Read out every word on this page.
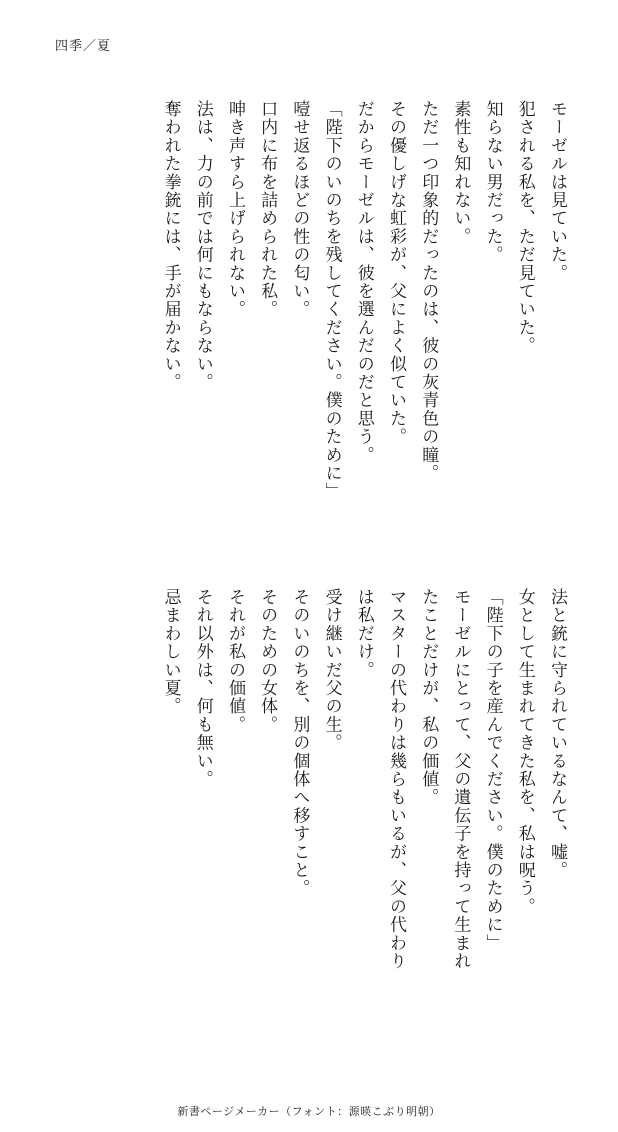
四季／夏
モーゼルは見ていた。
犯される私を、ただ見ていた。
知らない男だった。
素性も知れない。
ただ一つ印象的だったのは、彼の灰青色の瞳。
その優しげな虹彩が、父によく似ていた。
だからモーゼルは、彼を選んだのだと思う。
「陛下のいのちを残してください。僕のために」
噎せ返るほどの性の匂い。
口内に布を詰められた私。
呻き声すら上げられない。
法は、力の前では何にもならない。
奪われた拳銃には、手が届かない。
法と銃に守られているなんて、嘘。
女として生まれてきた私を、私は呪う。
「陛下の子を産んでください。僕のために」
モーゼルにとって、父の遺伝子を持って生まれ
たことだけが、私の価値。
マスターの代わりは幾らもいるが、父の代わり
は私だけ。
受け継いだ父の生。
そのいのちを、別の個体へ移すこと。
そのための女体。
それが私の価値。
それ以外は、何も無い。
忌まわしい夏。
新書ページメーカー（フォント：源暎こぶり明朝）
